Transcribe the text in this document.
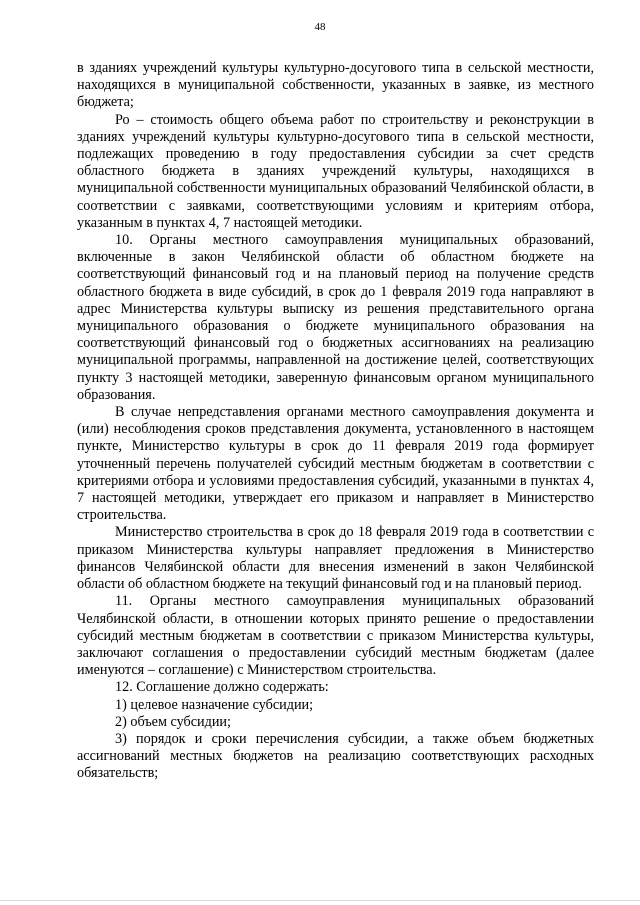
48

в зданиях учреждений культуры культурно-досугового типа в сельской местности, находящихся в муниципальной собственности, указанных в заявке, из местного бюджета;

Ро – стоимость общего объема работ по строительству и реконструкции в зданиях учреждений культуры культурно-досугового типа в сельской местности, подлежащих проведению в году предоставления субсидии за счет средств областного бюджета в зданиях учреждений культуры, находящихся в муниципальной собственности муниципальных образований Челябинской области, в соответствии с заявками, соответствующими условиям и критериям отбора, указанным в пунктах 4, 7 настоящей методики.

10. Органы местного самоуправления муниципальных образований, включенные в закон Челябинской области об областном бюджете на соответствующий финансовый год и на плановый период на получение средств областного бюджета в виде субсидий, в срок до 1 февраля 2019 года направляют в адрес Министерства культуры выписку из решения представительного органа муниципального образования о бюджете муниципального образования на соответствующий финансовый год о бюджетных ассигнованиях на реализацию муниципальной программы, направленной на достижение целей, соответствующих пункту 3 настоящей методики, заверенную финансовым органом муниципального образования.

В случае непредставления органами местного самоуправления документа и (или) несоблюдения сроков представления документа, установленного в настоящем пункте, Министерство культуры в срок до 11 февраля 2019 года формирует уточненный перечень получателей субсидий местным бюджетам в соответствии с критериями отбора и условиями предоставления субсидий, указанными в пунктах 4, 7 настоящей методики, утверждает его приказом и направляет в Министерство строительства.

Министерство строительства в срок до 18 февраля 2019 года в соответствии с приказом Министерства культуры направляет предложения в Министерство финансов Челябинской области для внесения изменений в закон Челябинской области об областном бюджете на текущий финансовый год и на плановый период.

11. Органы местного самоуправления муниципальных образований Челябинской области, в отношении которых принято решение о предоставлении субсидий местным бюджетам в соответствии с приказом Министерства культуры, заключают соглашения о предоставлении субсидий местным бюджетам (далее именуются – соглашение) с Министерством строительства.

12. Соглашение должно содержать:

1) целевое назначение субсидии;

2) объем субсидии;

3) порядок и сроки перечисления субсидии, а также объем бюджетных ассигнований местных бюджетов на реализацию соответствующих расходных обязательств;
